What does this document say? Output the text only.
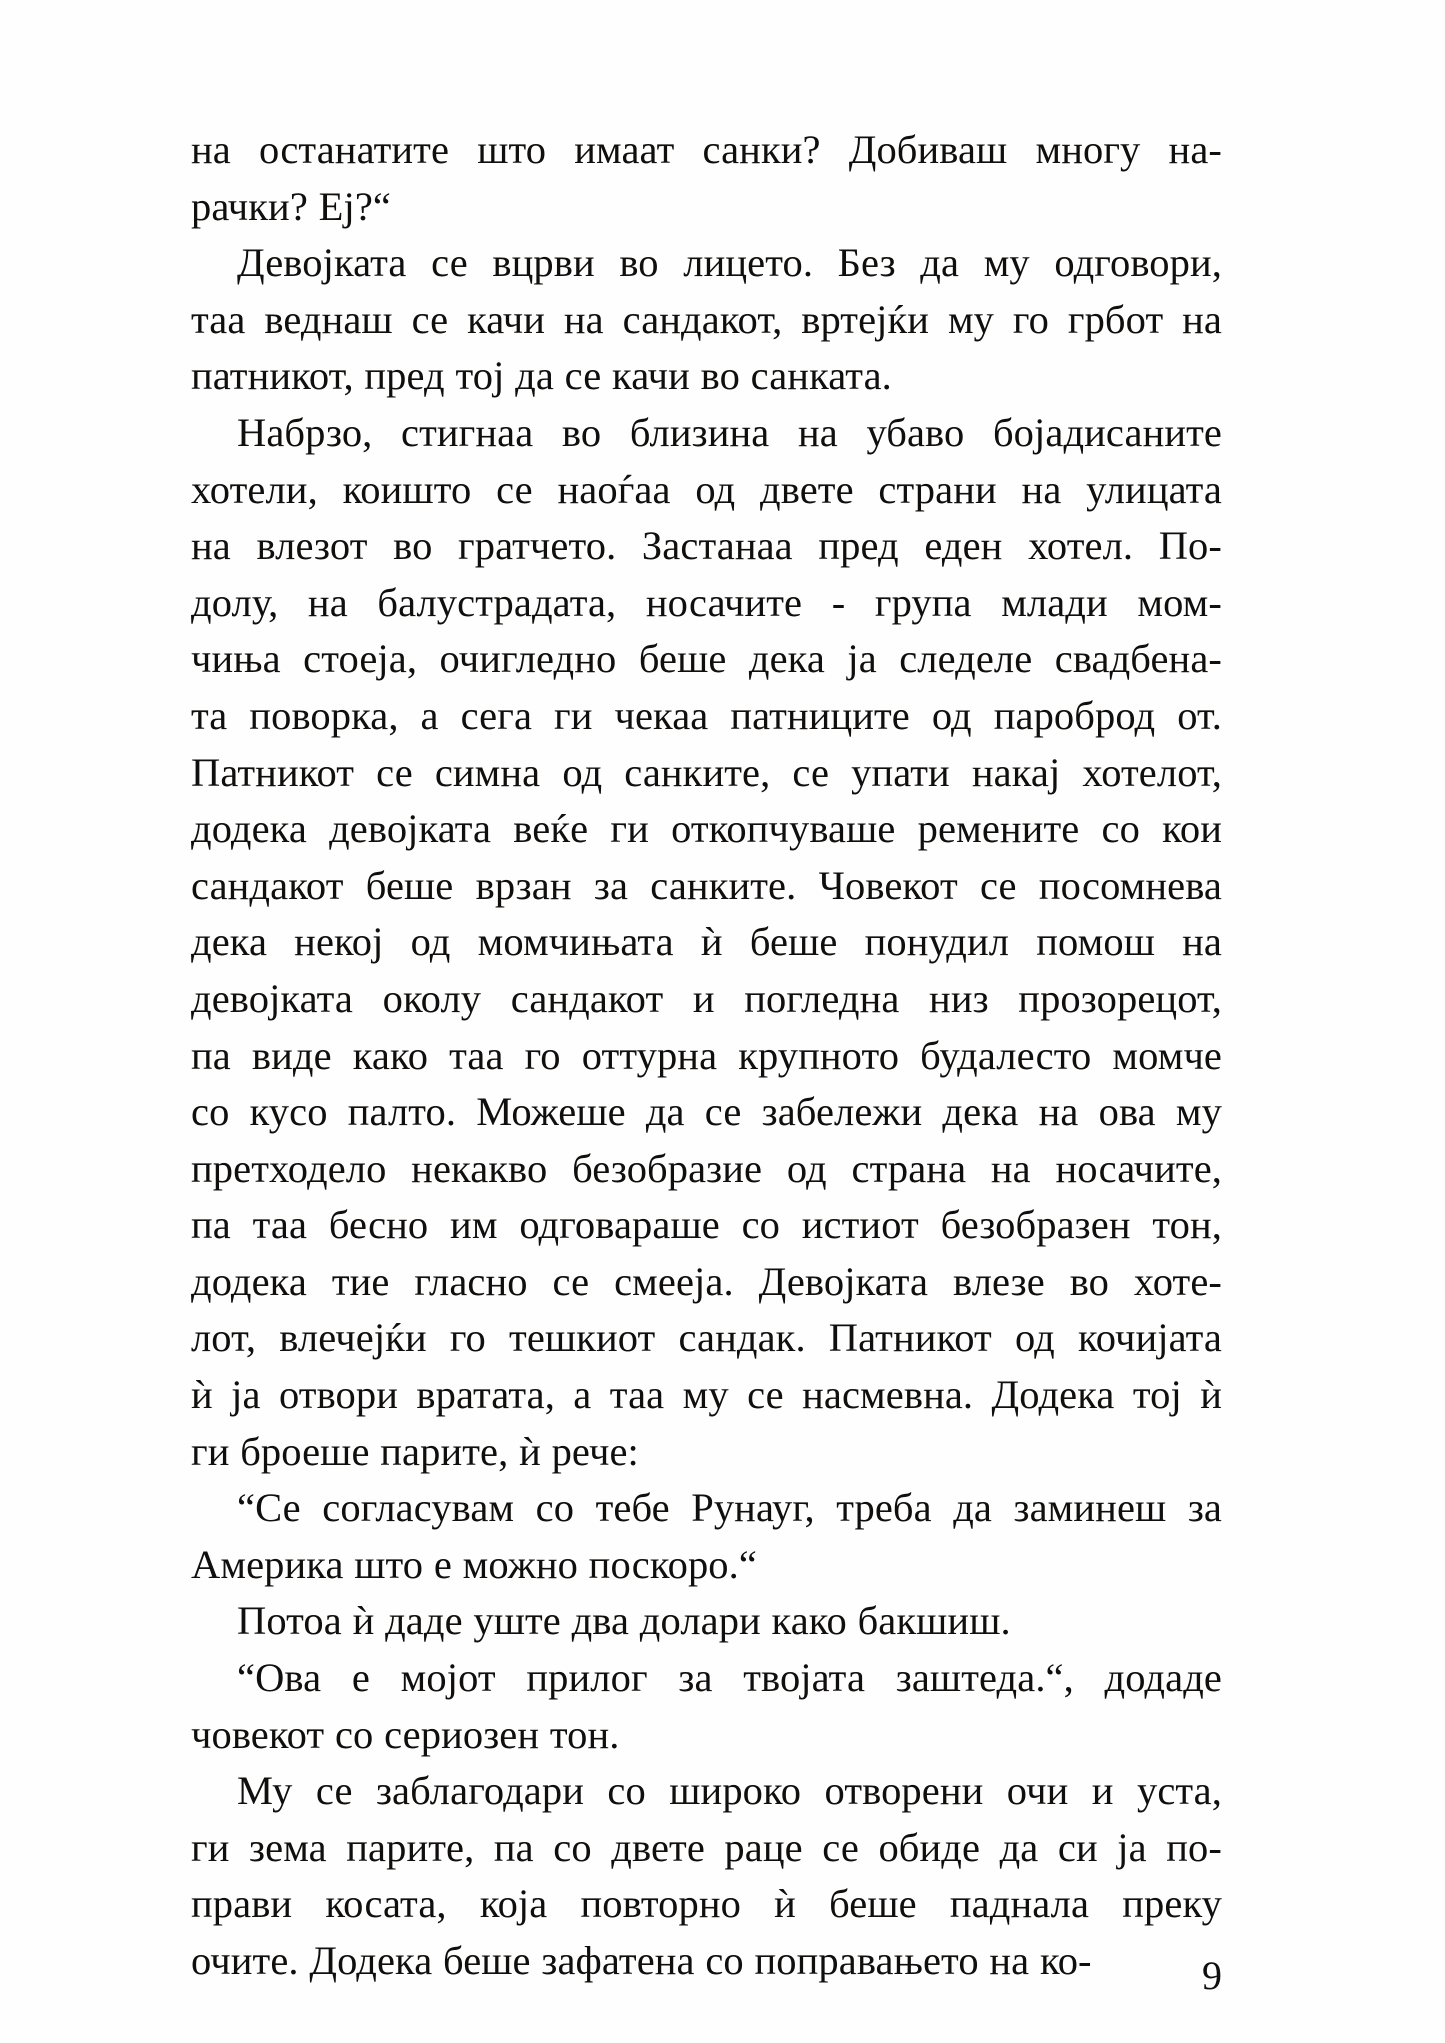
на останатите што имаат санки? Добиваш многу на-
рачки? Еј?“

Девојката се вцрви во лицето. Без да му одговори,
таа веднаш се качи на сандакот, вртејќи му го грбот на
патникот, пред тој да се качи во санката.

Набрзо, стигнаа во близина на убаво бојадисаните
хотели, коишто се наоѓаа од двете страни на улицата
на влезот во гратчето. Застанаа пред еден хотел. По-
долу, на балустрадата, носачите - група млади мом-
чиња стоеја, очигледно беше дека ја следеле свадбена-
та поворка, а сега ги чекаа патниците од пароброд от.
Патникот се симна од санките, се упати накај хотелот,
додека девојката веќе ги откопчуваше ремените со кои
сандакот беше врзан за санките. Човекот се посомнева
дека некој од момчињата ѝ беше понудил помош на
девојката околу сандакот и погледна низ прозорецот,
па виде како таа го оттурна крупното будалесто момче
со кусо палто. Можеше да се забележи дека на ова му
претходело некакво безобразие од страна на носачите,
па таа бесно им одговараше со истиот безобразен тон,
додека тие гласно се смееја. Девојката влезе во хоте-
лот, влечејќи го тешкиот сандак. Патникот од кочијата
ѝ ја отвори вратата, а таа му се насмевна. Додека тој ѝ
ги броеше парите, ѝ рече:

“Се согласувам со тебе Рунауг, треба да заминеш за
Америка што е можно поскоро.“

Потоа ѝ даде уште два долари како бакшиш.

“Ова е мојот прилог за твојата заштеда.“, додаде
човекот со сериозен тон.

Му се заблагодари со широко отворени очи и уста,
ги зема парите, па со двете раце се обиде да си ја по-
прави косата, која повторно ѝ беше паднала преку
очите. Додека беше зафатена со поправањето на ко-	9
